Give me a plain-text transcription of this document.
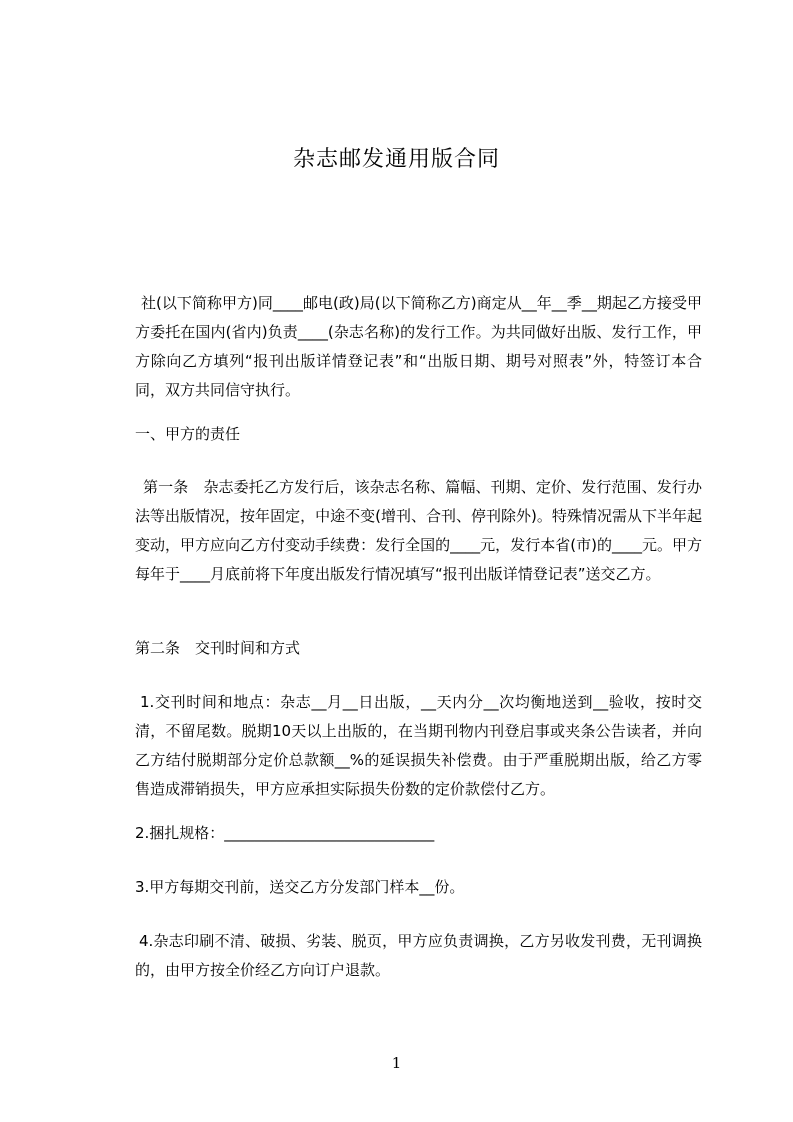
杂志邮发通用版合同
社(以下简称甲方)同____邮电(政)局(以下简称乙方)商定从__年__季__期起乙方接受甲方委托在国内(省内)负责____(杂志名称)的发行工作。为共同做好出版、发行工作，甲方除向乙方填列“报刊出版详情登记表”和“出版日期、期号对照表”外，特签订本合同，双方共同信守执行。
一、甲方的责任
第一条　杂志委托乙方发行后，该杂志名称、篇幅、刊期、定价、发行范围、发行办法等出版情况，按年固定，中途不变(增刊、合刊、停刊除外)。特殊情况需从下半年起变动，甲方应向乙方付变动手续费：发行全国的____元，发行本省(市)的____元。甲方每年于____月底前将下年度出版发行情况填写“报刊出版详情登记表”送交乙方。
第二条　交刊时间和方式
1.交刊时间和地点：杂志__月__日出版，__天内分__次均衡地送到__验收，按时交清，不留尾数。脱期10天以上出版的，在当期刊物内刊登启事或夹条公告读者，并向乙方结付脱期部分定价总款额__%的延误损失补偿费。由于严重脱期出版，给乙方零售造成滞销损失，甲方应承担实际损失份数的定价款偿付乙方。
2.捆扎规格：____________________________
3.甲方每期交刊前，送交乙方分发部门样本__份。
4.杂志印刷不清、破损、劣装、脱页，甲方应负责调换，乙方另收发刊费，无刊调换的，由甲方按全价经乙方向订户退款。
1
